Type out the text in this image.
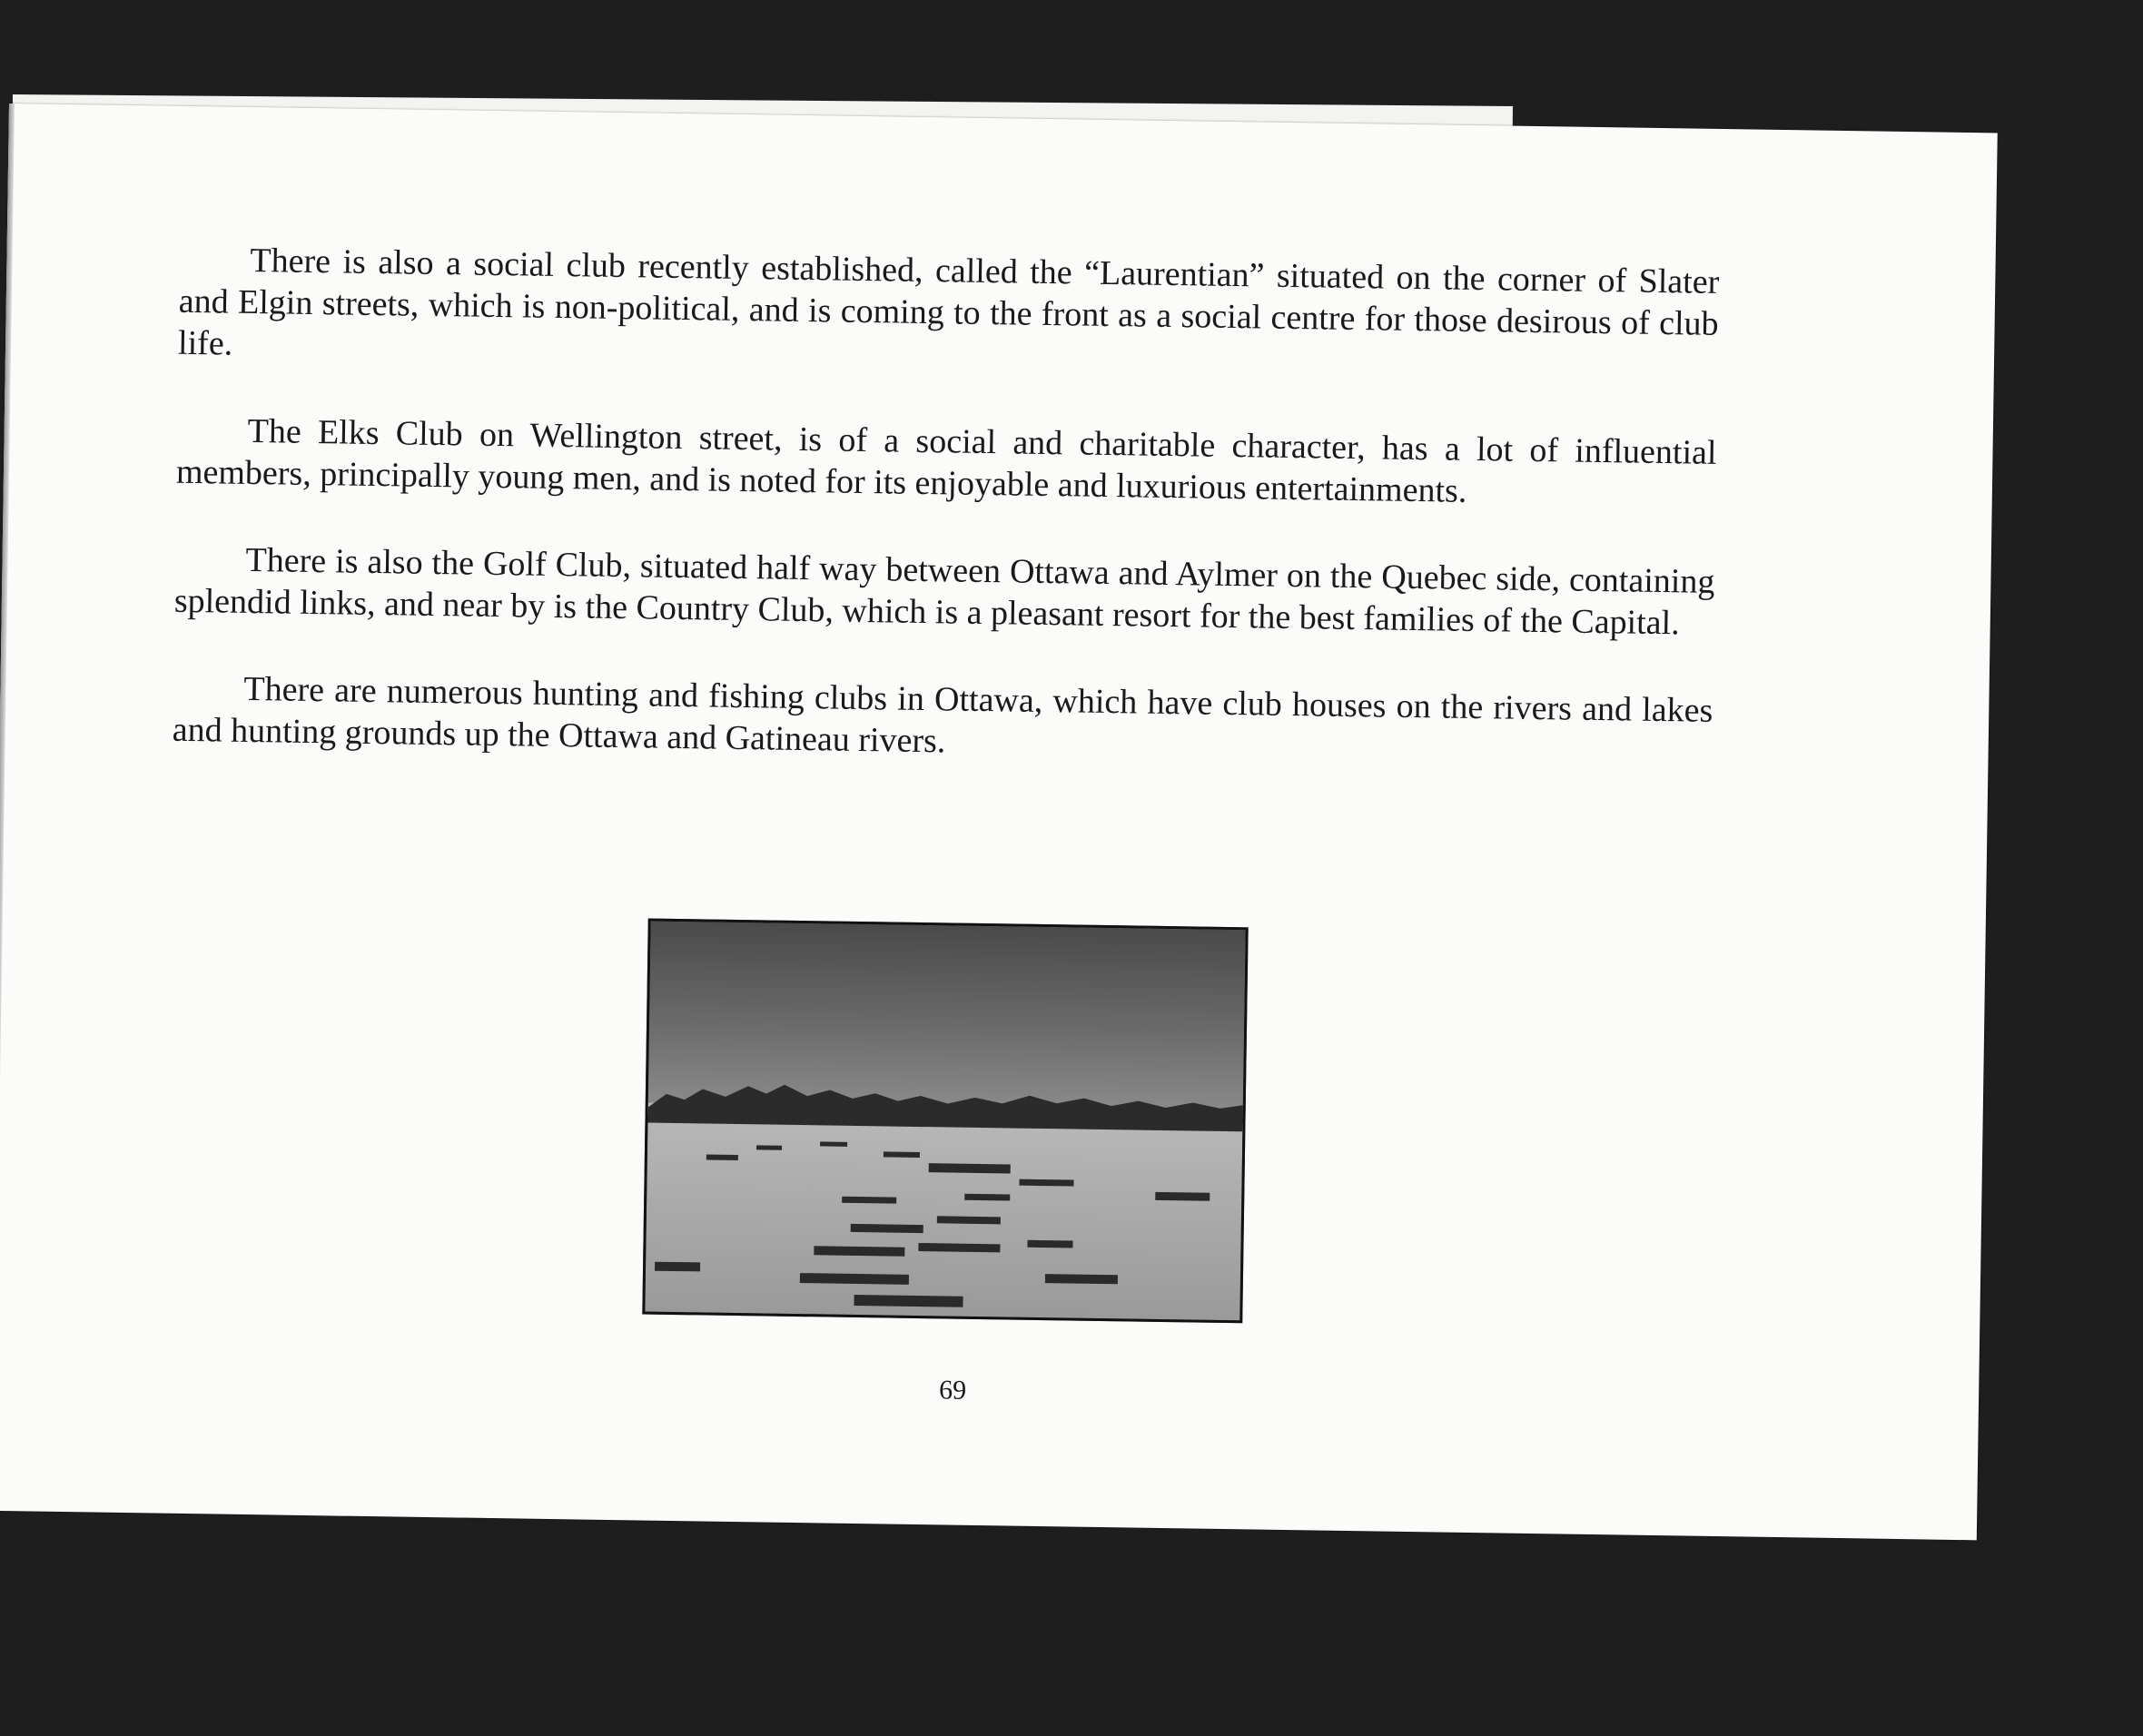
There is also a social club recently established, called the “Laurentian” situated on the corner of Slater and Elgin streets, which is non-political, and is coming to the front as a social centre for those desirous of club life.

The Elks Club on Wellington street, is of a social and charitable character, has a lot of influential members, principally young men, and is noted for its enjoyable and luxurious entertainments.

There is also the Golf Club, situated half way between Ottawa and Aylmer on the Quebec side, containing splendid links, and near by is the Country Club, which is a pleasant resort for the best families of the Capital.

There are numerous hunting and fishing clubs in Ottawa, which have club houses on the rivers and lakes and hunting grounds up the Ottawa and Gatineau rivers.

69
